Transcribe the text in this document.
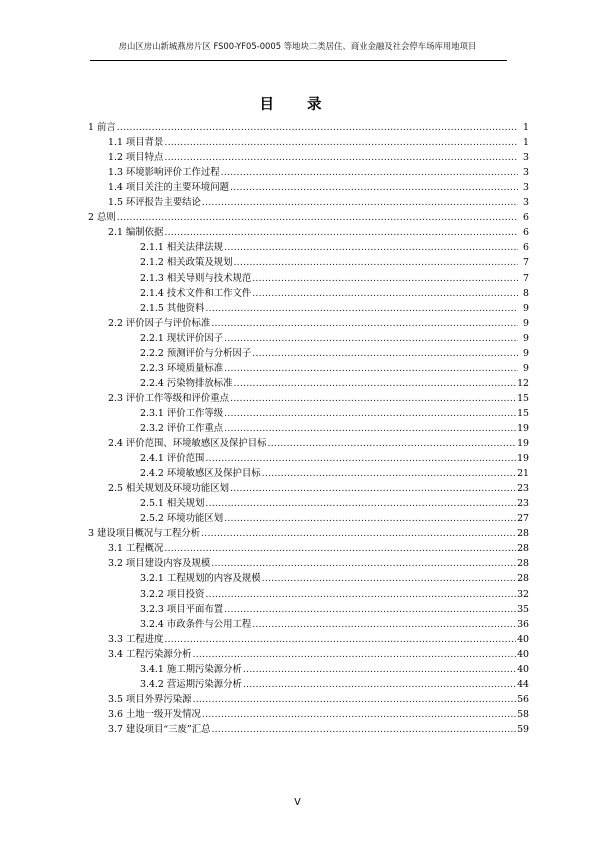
房山区房山新城燕房片区 FS00-YF05-0005 等地块二类居住、商业金融及社会停车场库用地项目
目 录
1 前言 .....	1
1.1 项目背景 .....	1
1.2 项目特点 .....	3
1.3 环境影响评价工作过程 .....	3
1.4 项目关注的主要环境问题 .....	3
1.5 环评报告主要结论 .....	3
2 总则 .....	6
2.1 编制依据 .....	6
2.1.1 相关法律法规 .....	6
2.1.2 相关政策及规划 .....	7
2.1.3 相关导则与技术规范 .....	7
2.1.4 技术文件和工作文件 .....	8
2.1.5 其他资料 .....	9
2.2 评价因子与评价标准 .....	9
2.2.1 现状评价因子 .....	9
2.2.2 预测评价与分析因子 .....	9
2.2.3 环境质量标准 .....	9
2.2.4 污染物排放标准 .....	12
2.3 评价工作等级和评价重点 .....	15
2.3.1 评价工作等级 .....	15
2.3.2 评价工作重点 .....	19
2.4 评价范围、环境敏感区及保护目标 .....	19
2.4.1 评价范围 .....	19
2.4.2 环境敏感区及保护目标 .....	21
2.5 相关规划及环境功能区划 .....	23
2.5.1 相关规划 .....	23
2.5.2 环境功能区划 .....	27
3 建设项目概况与工程分析 .....	28
3.1 工程概况 .....	28
3.2 项目建设内容及规模 .....	28
3.2.1 工程规划的内容及规模 .....	28
3.2.2 项目投资 .....	32
3.2.3 项目平面布置 .....	35
3.2.4 市政条件与公用工程 .....	36
3.3 工程进度 .....	40
3.4 工程污染源分析 .....	40
3.4.1 施工期污染源分析 .....	40
3.4.2 营运期污染源分析 .....	44
3.5 项目外界污染源 .....	56
3.6 土地一级开发情况 .....	58
3.7 建设项目“三废”汇总 .....	59
V
